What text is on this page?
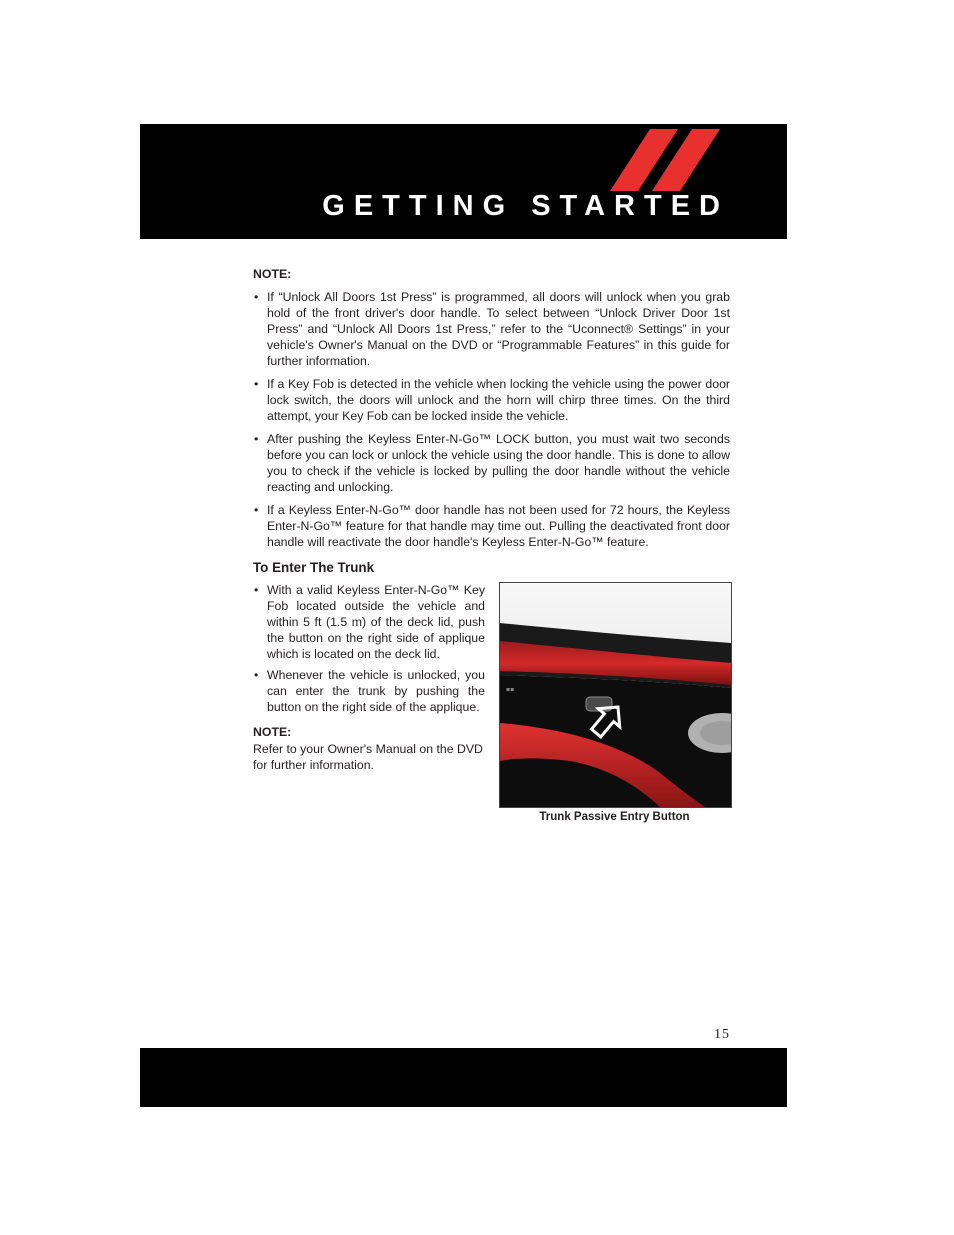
GETTING STARTED

NOTE:

• If “Unlock All Doors 1st Press” is programmed, all doors will unlock when you grab hold of the front driver's door handle. To select between “Unlock Driver Door 1st Press” and “Unlock All Doors 1st Press,” refer to the “Uconnect® Settings” in your vehicle's Owner's Manual on the DVD or “Programmable Features” in this guide for further information.
• If a Key Fob is detected in the vehicle when locking the vehicle using the power door lock switch, the doors will unlock and the horn will chirp three times. On the third attempt, your Key Fob can be locked inside the vehicle.
• After pushing the Keyless Enter-N-Go™ LOCK button, you must wait two seconds before you can lock or unlock the vehicle using the door handle. This is done to allow you to check if the vehicle is locked by pulling the door handle without the vehicle reacting and unlocking.
• If a Keyless Enter-N-Go™ door handle has not been used for 72 hours, the Keyless Enter-N-Go™ feature for that handle may time out. Pulling the deactivated front door handle will reactivate the door handle's Keyless Enter-N-Go™ feature.

To Enter The Trunk

• With a valid Keyless Enter-N-Go™ Key Fob located outside the vehicle and within 5 ft (1.5 m) of the deck lid, push the button on the right side of applique which is located on the deck lid.
• Whenever the vehicle is unlocked, you can enter the trunk by pushing the button on the right side of the applique.

NOTE:

Refer to your Owner's Manual on the DVD for further information.
▪▪
Trunk Passive Entry Button
15
